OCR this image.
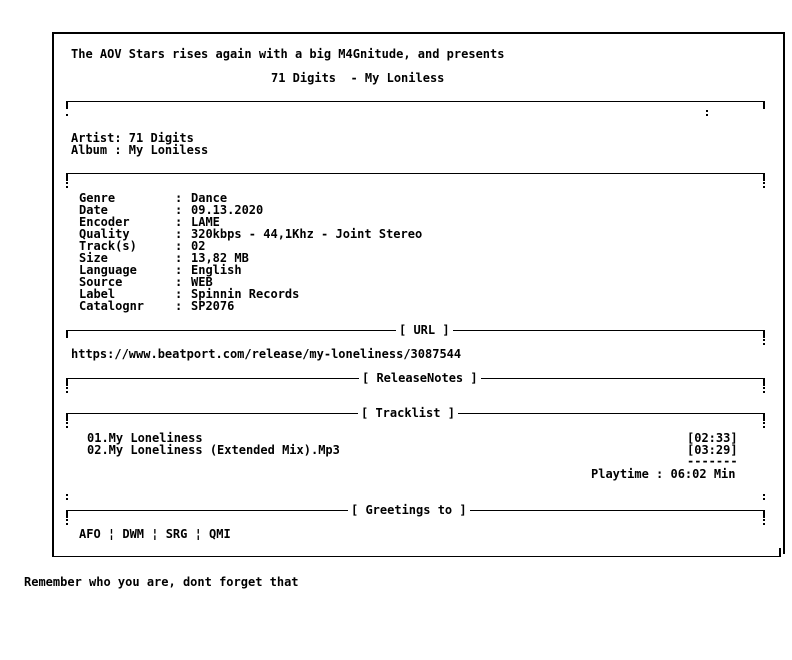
The AOV Stars rises again with a big M4Gnitude, and presents
71 Digits  - My Loniless
Artist: 71 Digits
Album : My Loniless
Genre	: Dance
Date	: 09.13.2020
Encoder	: LAME
Quality	: 320kbps - 44,1Khz - Joint Stereo
Track(s)	: 02
Size	: 13,82 MB
Language	: English
Source	: WEB
Label	: Spinnin Records
Catalognr	: SP2076
[ URL ]
https://www.beatport.com/release/my-loneliness/3087544
[ ReleaseNotes ]
[ Tracklist ]
01.My Loneliness	[02:33]
02.My Loneliness (Extended Mix).Mp3	[03:29]
-------
Playtime : 06:02 Min
[ Greetings to ]
AFO ¦ DWM ¦ SRG ¦ QMI
Remember who you are, dont forget that
